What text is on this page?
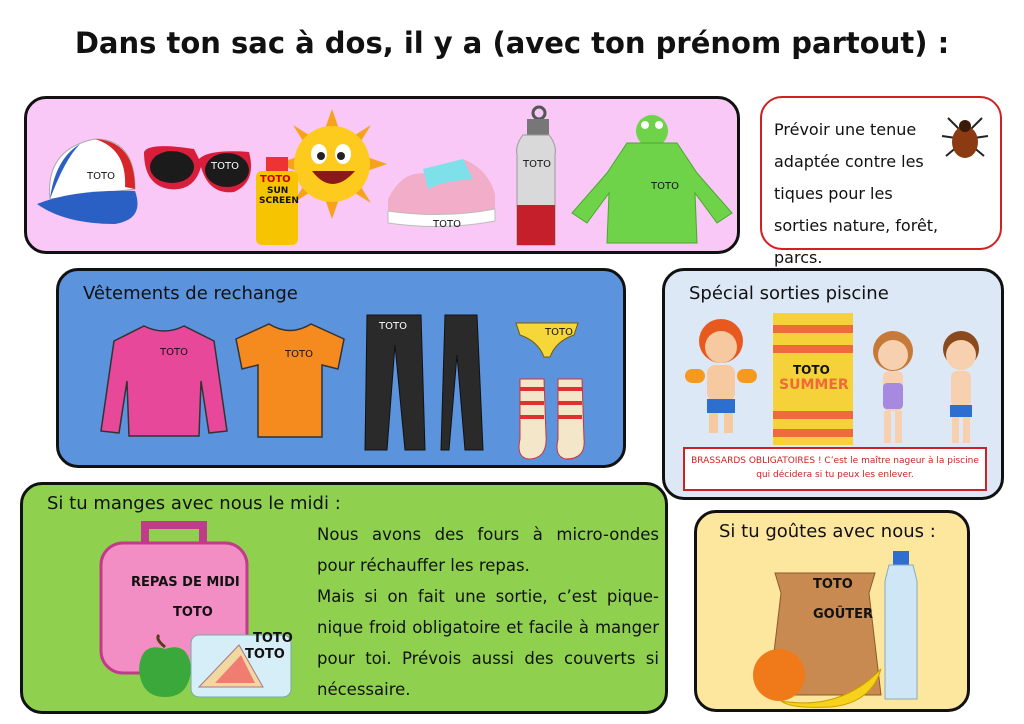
Dans ton sac à dos, il y a (avec ton prénom partout) :
TOTO
TOTO
TOTO
SUN
SCREEN
TOTO
TOTO
TOTO
Prévoir une tenue adaptée contre les tiques pour les sorties nature, forêt, parcs.
Vêtements de rechange
TOTO	TOTO
TOTO
TOTO
Spécial sorties piscine
TOTO
SUMMER
BRASSARDS OBLIGATOIRES ! C’est le maître nageur à la piscine qui décidera si tu peux les enlever.
Si tu manges avec nous le midi :
REPAS DE MIDI
TOTO
TOTO
TOTO
Nous avons des fours à micro-ondes pour réchauffer les repas.
Mais si on fait une sortie, c’est pique-nique froid obligatoire et facile à manger pour toi. Prévois aussi des couverts si nécessaire.
Si tu goûtes avec nous :
TOTO
GOÛTER
